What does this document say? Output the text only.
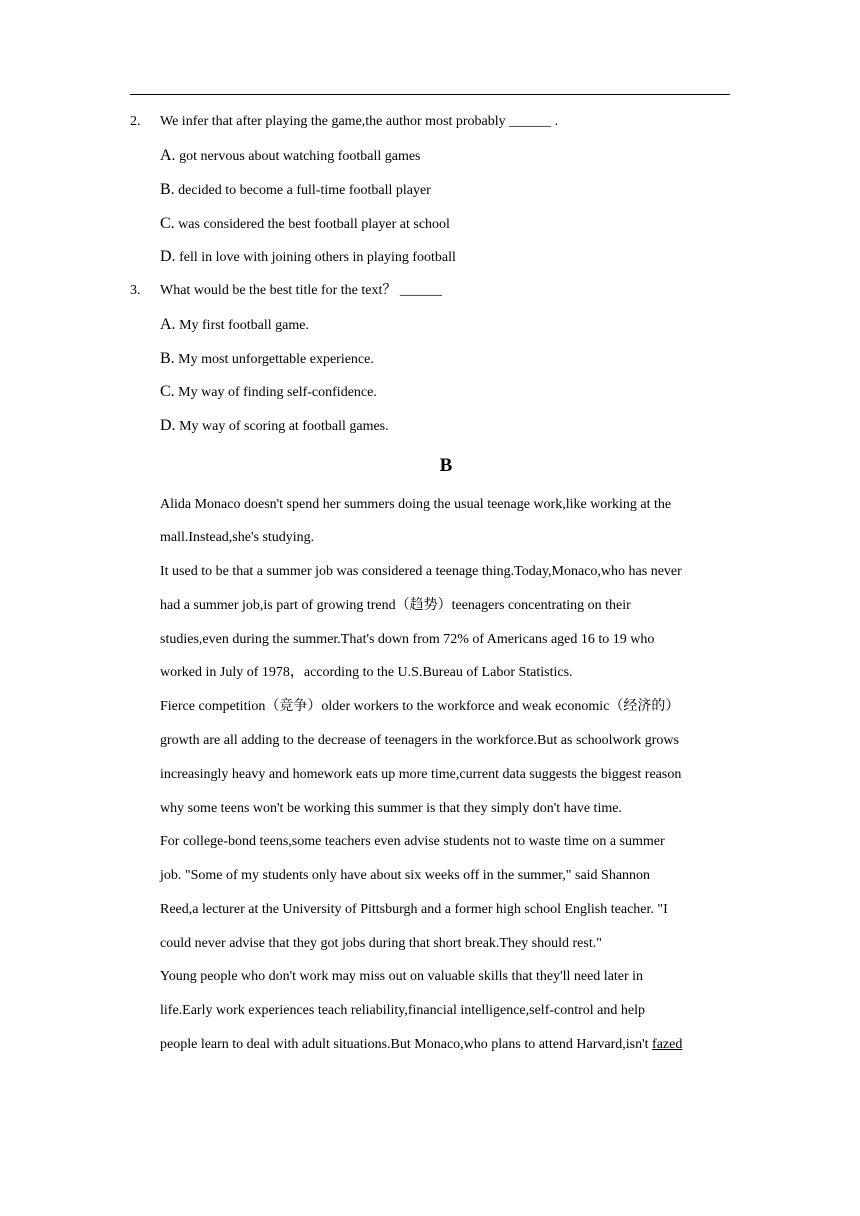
2. We infer that after playing the game,the author most probably ______ .
A. got nervous about watching football games
B. decided to become a full-time football player
C. was considered the best football player at school
D. fell in love with joining others in playing football
3. What would be the best title for the text？ ______
A. My first football game.
B. My most unforgettable experience.
C. My way of finding self-confidence.
D. My way of scoring at football games.
B
Alida Monaco doesn't spend her summers doing the usual teenage work,like working at the
mall.Instead,she's studying.
It used to be that a summer job was considered a teenage thing.Today,Monaco,who has never
had a summer job,is part of growing trend（趋势）teenagers concentrating on their
studies,even during the summer.That's down from 72% of Americans aged 16 to 19 who
worked in July of 1978，according to the U.S.Bureau of Labor Statistics.
Fierce competition（竞争）older workers to the workforce and weak economic（经济的）
growth are all adding to the decrease of teenagers in the workforce.But as schoolwork grows
increasingly heavy and homework eats up more time,current data suggests the biggest reason
why some teens won't be working this summer is that they simply don't have time.
For college-bond teens,some teachers even advise students not to waste time on a summer
job. "Some of my students only have about six weeks off in the summer," said Shannon
Reed,a lecturer at the University of Pittsburgh and a former high school English teacher. "I
could never advise that they got jobs during that short break.They should rest."
Young people who don't work may miss out on valuable skills that they'll need later in
life.Early work experiences teach reliability,financial intelligence,self-control and help
people learn to deal with adult situations.But Monaco,who plans to attend Harvard,isn't fazed
